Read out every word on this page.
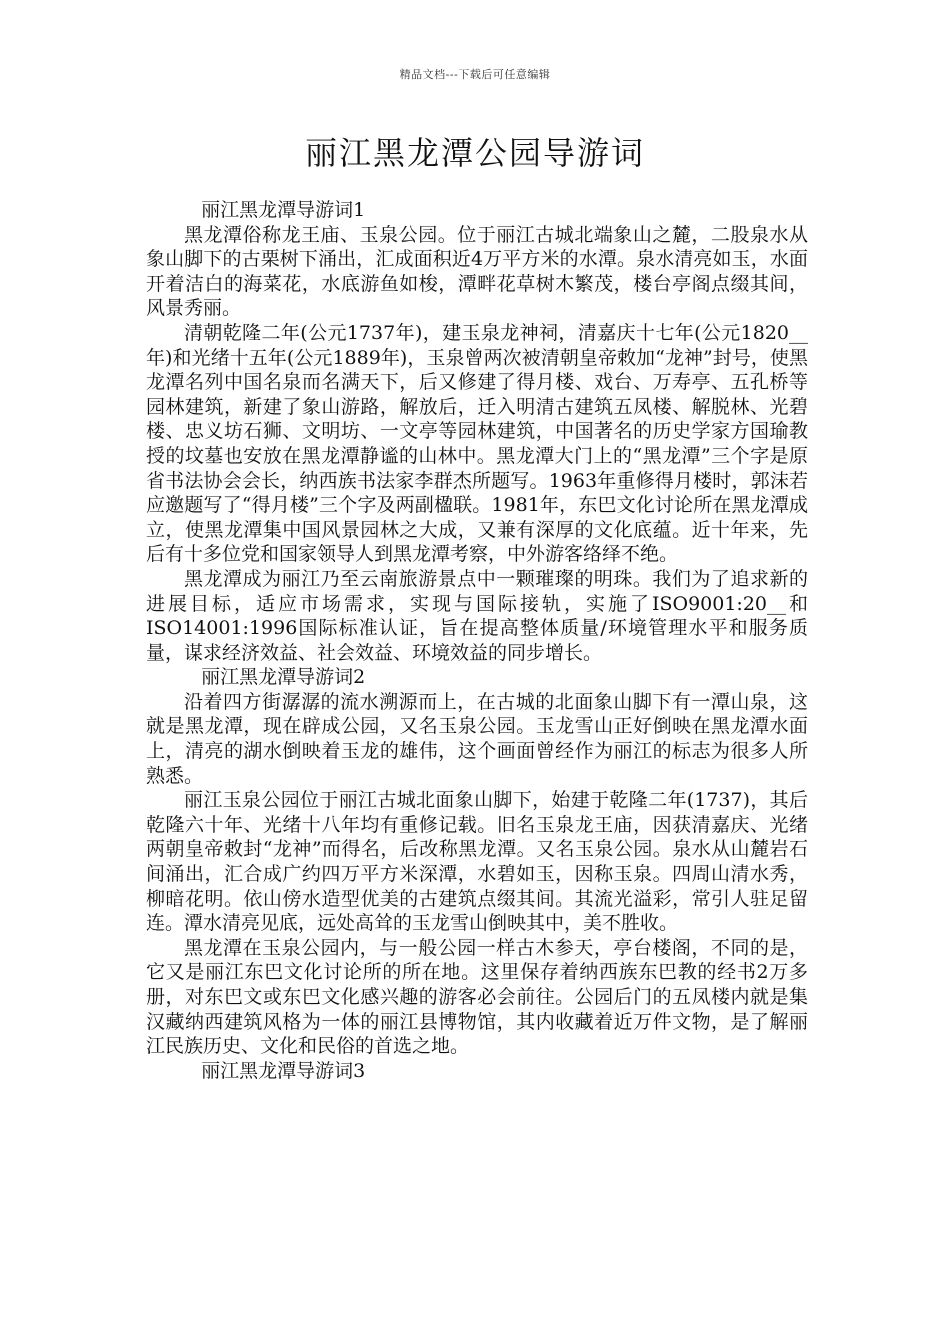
精品文档---下载后可任意编辑
丽江黑龙潭公园导游词

丽江黑龙潭导游词1

黑龙潭俗称龙王庙、玉泉公园。位于丽江古城北端象山之麓，二股泉水从象山脚下的古栗树下涌出，汇成面积近4万平方米的水潭。泉水清亮如玉，水面开着洁白的海菜花，水底游鱼如梭，潭畔花草树木繁茂，楼台亭阁点缀其间，风景秀丽。

清朝乾隆二年(公元1737年)，建玉泉龙神祠，清嘉庆十七年(公元1820__年)和光绪十五年(公元1889年)，玉泉曾两次被清朝皇帝敕加“龙神”封号，使黑龙潭名列中国名泉而名满天下，后又修建了得月楼、戏台、万寿亭、五孔桥等园林建筑，新建了象山游路，解放后，迁入明清古建筑五凤楼、解脱林、光碧楼、忠义坊石狮、文明坊、一文亭等园林建筑，中国著名的历史学家方国瑜教授的坟墓也安放在黑龙潭静谧的山林中。黑龙潭大门上的“黑龙潭”三个字是原省书法协会会长，纳西族书法家李群杰所题写。1963年重修得月楼时，郭沫若应邀题写了“得月楼”三个字及两副楹联。1981年，东巴文化讨论所在黑龙潭成立，使黑龙潭集中国风景园林之大成，又兼有深厚的文化底蕴。近十年来，先后有十多位党和国家领导人到黑龙潭考察，中外游客络绎不绝。

黑龙潭成为丽江乃至云南旅游景点中一颗璀璨的明珠。我们为了追求新的进展目标，适应市场需求，实现与国际接轨，实施了ISO9001:20__和ISO14001:1996国际标准认证，旨在提高整体质量/环境管理水平和服务质量，谋求经济效益、社会效益、环境效益的同步增长。

丽江黑龙潭导游词2

沿着四方街潺潺的流水溯源而上，在古城的北面象山脚下有一潭山泉，这就是黑龙潭，现在辟成公园，又名玉泉公园。玉龙雪山正好倒映在黑龙潭水面上，清亮的湖水倒映着玉龙的雄伟，这个画面曾经作为丽江的标志为很多人所熟悉。

丽江玉泉公园位于丽江古城北面象山脚下，始建于乾隆二年(1737)，其后乾隆六十年、光绪十八年均有重修记载。旧名玉泉龙王庙，因获清嘉庆、光绪两朝皇帝敕封“龙神”而得名，后改称黑龙潭。又名玉泉公园。泉水从山麓岩石间涌出，汇合成广约四万平方米深潭，水碧如玉，因称玉泉。四周山清水秀，柳暗花明。依山傍水造型优美的古建筑点缀其间。其流光溢彩，常引人驻足留连。潭水清亮见底，远处高耸的玉龙雪山倒映其中，美不胜收。

黑龙潭在玉泉公园内，与一般公园一样古木参天，亭台楼阁，不同的是，它又是丽江东巴文化讨论所的所在地。这里保存着纳西族东巴教的经书2万多册，对东巴文或东巴文化感兴趣的游客必会前往。公园后门的五凤楼内就是集汉藏纳西建筑风格为一体的丽江县博物馆，其内收藏着近万件文物，是了解丽江民族历史、文化和民俗的首选之地。

丽江黑龙潭导游词3
